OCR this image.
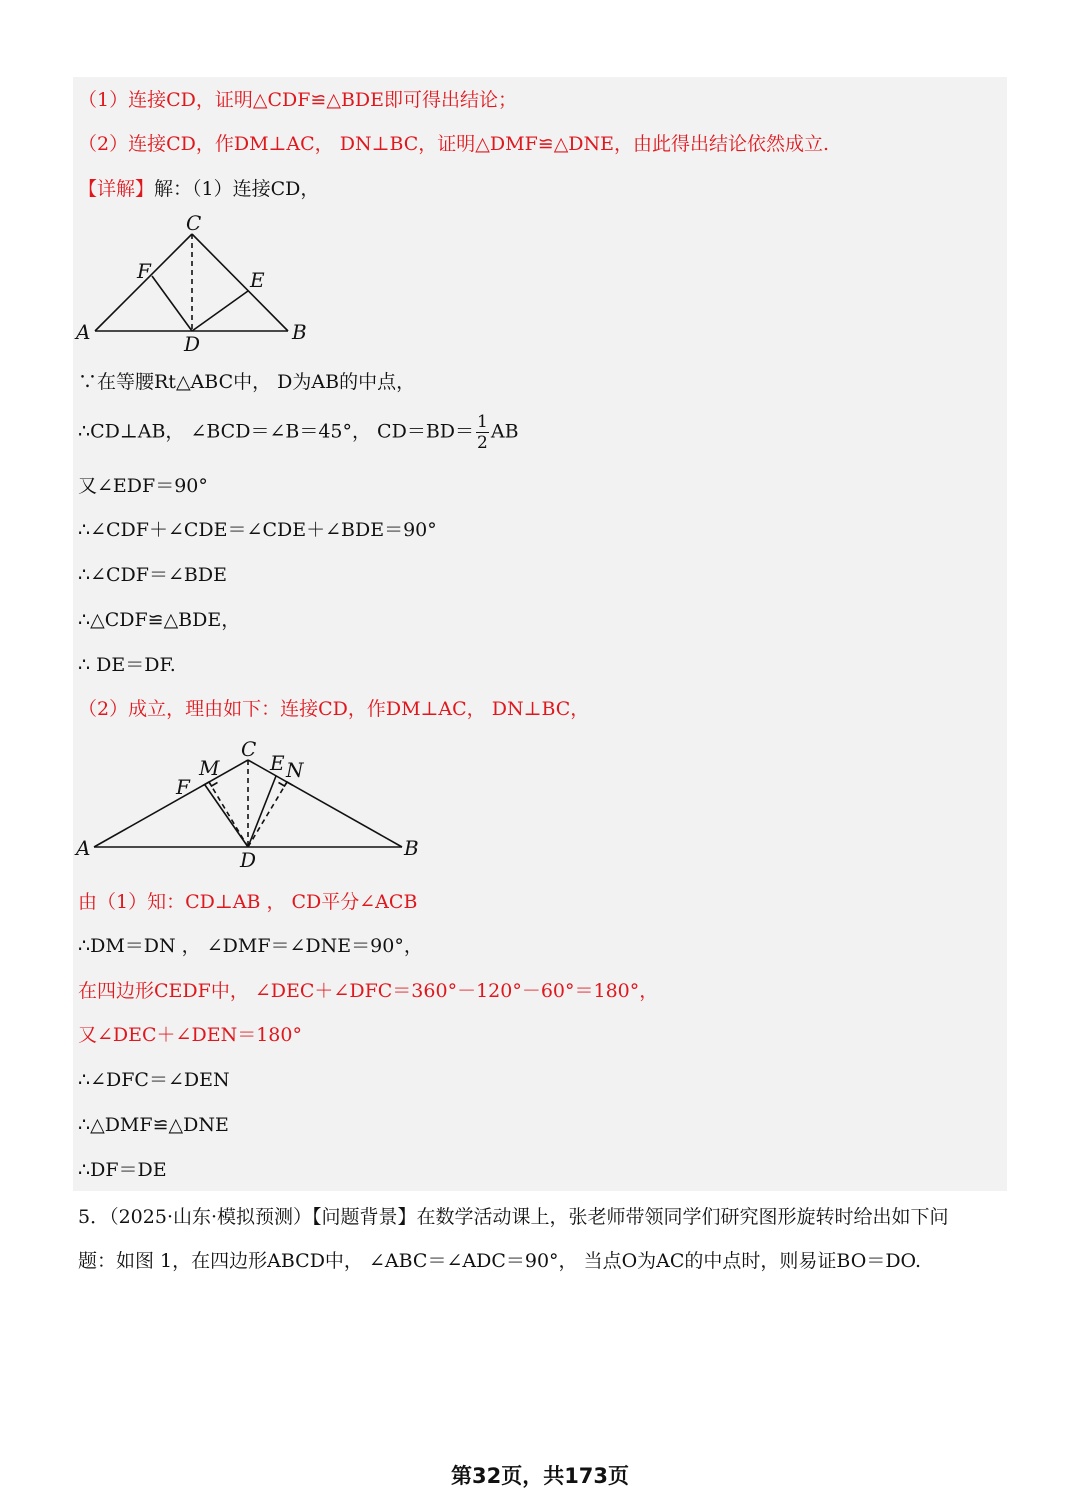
（1）连接CD，证明△CDF≌△BDE即可得出结论；
（2）连接CD，作DM⊥AC， DN⊥BC，证明△DMF≌△DNE，由此得出结论依然成立.
【详解】解：（1）连接CD，
C
F	E
A	D	B
∵在等腰Rt△ABC中， D为AB的中点，
∴CD⊥AB， ∠BCD＝∠B＝45°， $CD=BD= \frac{1}{2}$ AB
又∠EDF＝90°
∴∠CDF＋∠CDE＝∠CDE＋∠BDE＝90°
∴∠CDF＝∠BDE
∴△CDF≌△BDE，
∴ DE＝DF.
（2）成立，理由如下：连接CD，作DM⊥AC， DN⊥BC，
C
M	E N
F
A	D	B
由（1）知：CD⊥AB ， CD平分∠ACB
∴DM＝DN ， ∠DMF＝∠DNE＝90°，
在四边形CEDF中， ∠DEC＋∠DFC＝360°－120°－60°＝180°，
又∠DEC＋∠DEN＝180°
∴∠DFC＝∠DEN
∴△DMF≌△DNE
∴DF＝DE
5．（2025·山东·模拟预测）【问题背景】在数学活动课上，张老师带领同学们研究图形旋转时给出如下问
题：如图 1，在四边形ABCD中， ∠ABC＝∠ADC＝90°， 当点O为AC的中点时，则易证BO＝DO.
第32页，共173页
